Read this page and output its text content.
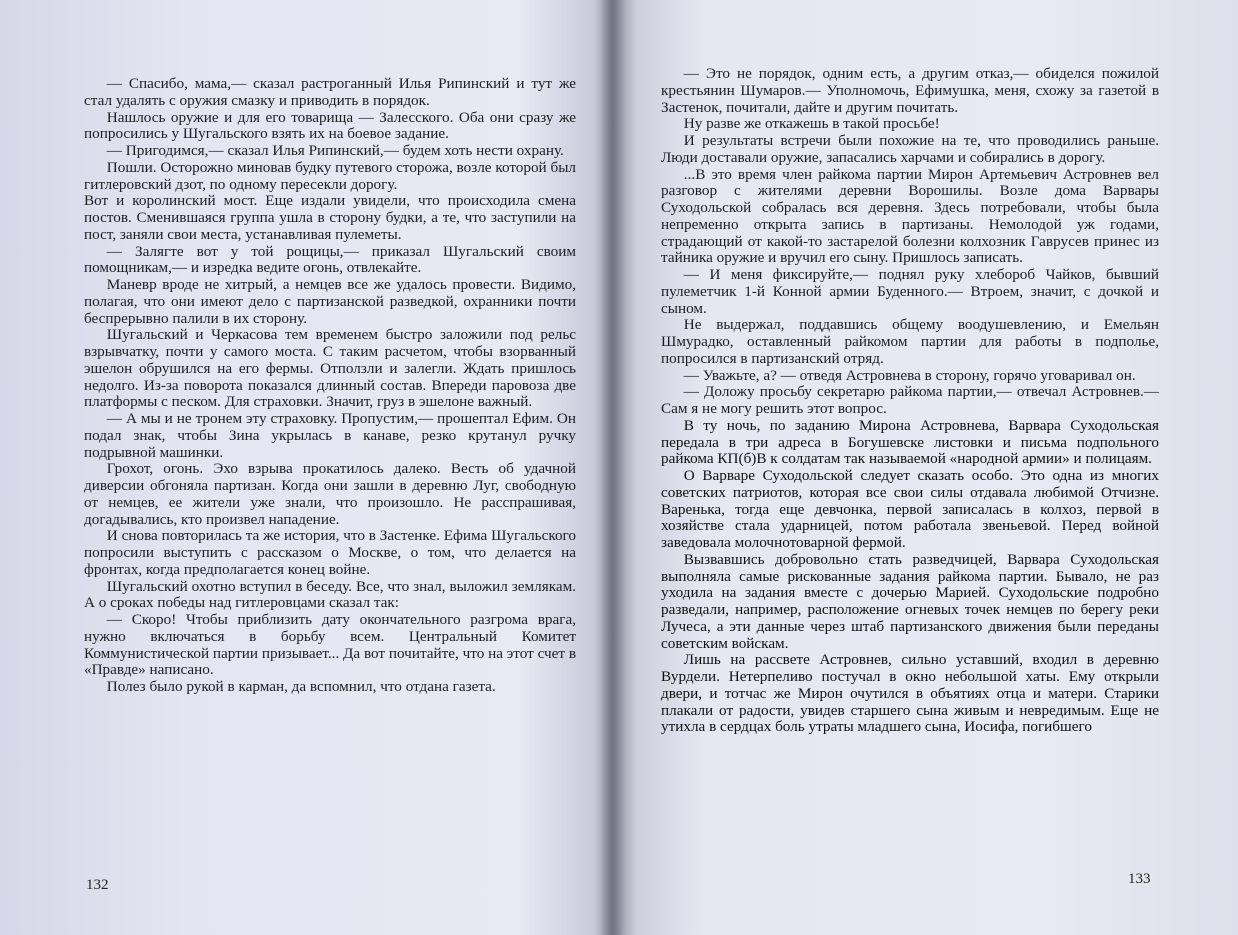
— Спасибо, мама,— сказал растроганный Илья Рипинский и тут же стал удалять с оружия смазку и приводить в порядок.

Нашлось оружие и для его товарища — Залесского. Оба они сразу же попросились у Шугальского взять их на боевое задание.

— Пригодимся,— сказал Илья Рипинский,— будем хоть нести охрану.

Пошли. Осторожно миновав будку путевого сторожа, возле которой был гитлеровский дзот, по одному пересекли дорогу.

Вот и королинский мост. Еще издали увидели, что происходила смена постов. Сменившаяся группа ушла в сторону будки, а те, что заступили на пост, заняли свои места, устанавливая пулеметы.

— Залягте вот у той рощицы,— приказал Шугальский своим помощникам,— и изредка ведите огонь, отвлекайте.

Маневр вроде не хитрый, а немцев все же удалось провести. Видимо, полагая, что они имеют дело с партизанской разведкой, охранники почти беспрерывно палили в их сторону.

Шугальский и Черкасова тем временем быстро заложили под рельс взрывчатку, почти у самого моста. С таким расчетом, чтобы взорванный эшелон обрушился на его фермы. Отползли и залегли. Ждать пришлось недолго. Из-за поворота показался длинный состав. Впереди паровоза две платформы с песком. Для страховки. Значит, груз в эшелоне важный.

— А мы и не тронем эту страховку. Пропустим,— прошептал Ефим. Он подал знак, чтобы Зина укрылась в канаве, резко крутанул ручку подрывной машинки.

Грохот, огонь. Эхо взрыва прокатилось далеко. Весть об удачной диверсии обгоняла партизан. Когда они зашли в деревню Луг, свободную от немцев, ее жители уже знали, что произошло. Не расспрашивая, догадывались, кто произвел нападение.

И снова повторилась та же история, что в Застенке. Ефима Шугальского попросили выступить с рассказом о Москве, о том, что делается на фронтах, когда предполагается конец войне.

Шугальский охотно вступил в беседу. Все, что знал, выложил землякам. А о сроках победы над гитлеровцами сказал так:

— Скоро! Чтобы приблизить дату окончательного разгрома врага, нужно включаться в борьбу всем. Центральный Комитет Коммунистической партии призывает... Да вот почитайте, что на этот счет в «Правде» написано.

Полез было рукой в карман, да вспомнил, что отдана газета.

132

— Это не порядок, одним есть, а другим отказ,— обиделся пожилой крестьянин Шумаров.— Уполномочь, Ефимушка, меня, схожу за газетой в Застенок, почитали, дайте и другим почитать.

Ну разве же откажешь в такой просьбе!

И результаты встречи были похожие на те, что проводились раньше. Люди доставали оружие, запасались харчами и собирались в дорогу.

...В это время член райкома партии Мирон Артемьевич Астровнев вел разговор с жителями деревни Ворошилы. Возле дома Варвары Суходольской собралась вся деревня. Здесь потребовали, чтобы была непременно открыта запись в партизаны. Немолодой уж годами, страдающий от какой-то застарелой болезни колхозник Гаврусев принес из тайника оружие и вручил его сыну. Пришлось записать.

— И меня фиксируйте,— поднял руку хлебороб Чайков, бывший пулеметчик 1-й Конной армии Буденного.— Втроем, значит, с дочкой и сыном.

Не выдержал, поддавшись общему воодушевлению, и Емельян Шмурадко, оставленный райкомом партии для работы в подполье, попросился в партизанский отряд.

— Уважьте, а? — отведя Астровнева в сторону, горячо уговаривал он.

— Доложу просьбу секретарю райкома партии,— отвечал Астровнев.— Сам я не могу решить этот вопрос.

В ту ночь, по заданию Мирона Астровнева, Варвара Суходольская передала в три адреса в Богушевске листовки и письма подпольного райкома КП(б)В к солдатам так называемой «народной армии» и полицаям.

О Варваре Суходольской следует сказать особо. Это одна из многих советских патриотов, которая все свои силы отдавала любимой Отчизне. Варенька, тогда еще девчонка, первой записалась в колхоз, первой в хозяйстве стала ударницей, потом работала звеньевой. Перед войной заведовала молочнотоварной фермой.

Вызвавшись добровольно стать разведчицей, Варвара Суходольская выполняла самые рискованные задания райкома партии. Бывало, не раз уходила на задания вместе с дочерью Марией. Суходольские подробно разведали, например, расположение огневых точек немцев по берегу реки Лучеса, а эти данные через штаб партизанского движения были переданы советским войскам.

Лишь на рассвете Астровнев, сильно уставший, входил в деревню Вурдели. Нетерпеливо постучал в окно небольшой хаты. Ему открыли двери, и тотчас же Мирон очутился в объятиях отца и матери. Старики плакали от радости, увидев старшего сына живым и невредимым. Еще не утихла в сердцах боль утраты младшего сына, Иосифа, погибшего

133
